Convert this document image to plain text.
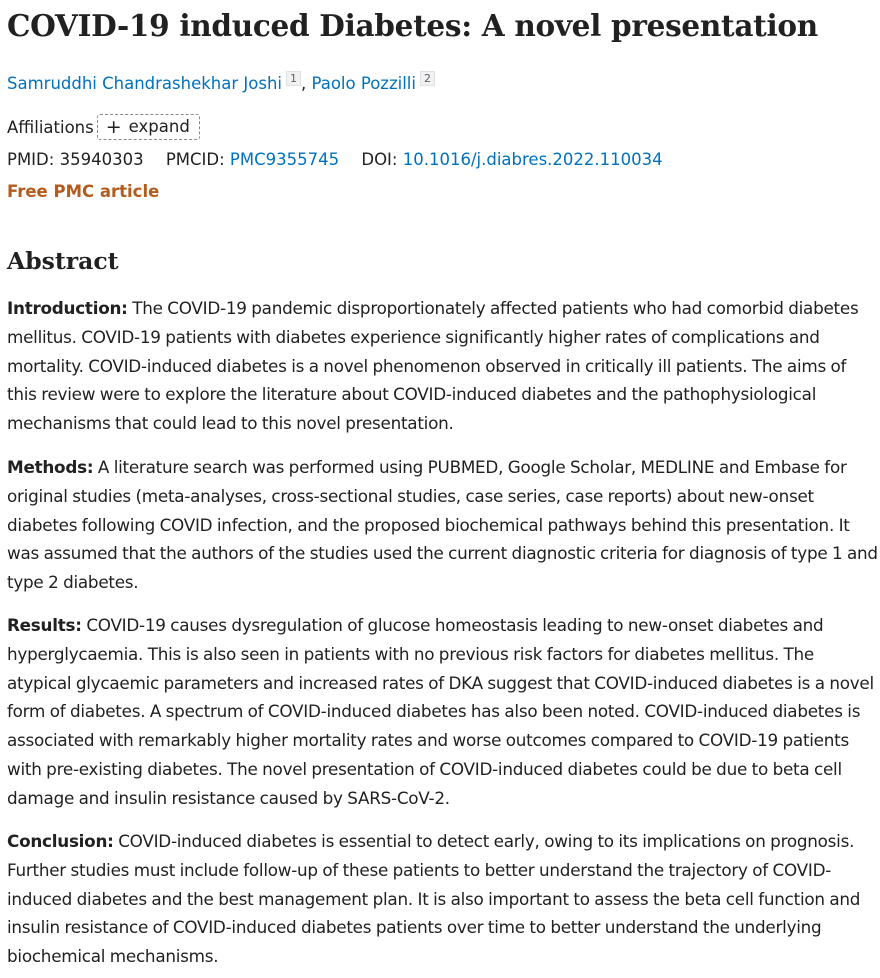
COVID-19 induced Diabetes: A novel presentation
Samruddhi Chandrashekhar Joshi 1 , Paolo Pozzilli 2
Affiliations + expand
PMID: 35940303 PMCID: PMC9355745 DOI: 10.1016/j.diabres.2022.110034
Free PMC article
Abstract

Introduction: The COVID-19 pandemic disproportionately affected patients who had comorbid diabetes mellitus. COVID-19 patients with diabetes experience significantly higher rates of complications and mortality. COVID-induced diabetes is a novel phenomenon observed in critically ill patients. The aims of this review were to explore the literature about COVID-induced diabetes and the pathophysiological mechanisms that could lead to this novel presentation.

Methods: A literature search was performed using PUBMED, Google Scholar, MEDLINE and Embase for original studies (meta-analyses, cross-sectional studies, case series, case reports) about new-onset diabetes following COVID infection, and the proposed biochemical pathways behind this presentation. It was assumed that the authors of the studies used the current diagnostic criteria for diagnosis of type 1 and type 2 diabetes.

Results: COVID-19 causes dysregulation of glucose homeostasis leading to new-onset diabetes and hyperglycaemia. This is also seen in patients with no previous risk factors for diabetes mellitus. The atypical glycaemic parameters and increased rates of DKA suggest that COVID-induced diabetes is a novel form of diabetes. A spectrum of COVID-induced diabetes has also been noted. COVID-induced diabetes is associated with remarkably higher mortality rates and worse outcomes compared to COVID-19 patients with pre-existing diabetes. The novel presentation of COVID-induced diabetes could be due to beta cell damage and insulin resistance caused by SARS-CoV-2.

Conclusion: COVID-induced diabetes is essential to detect early, owing to its implications on prognosis. Further studies must include follow-up of these patients to better understand the trajectory of COVID-induced diabetes and the best management plan. It is also important to assess the beta cell function and insulin resistance of COVID-induced diabetes patients over time to better understand the underlying biochemical mechanisms.
